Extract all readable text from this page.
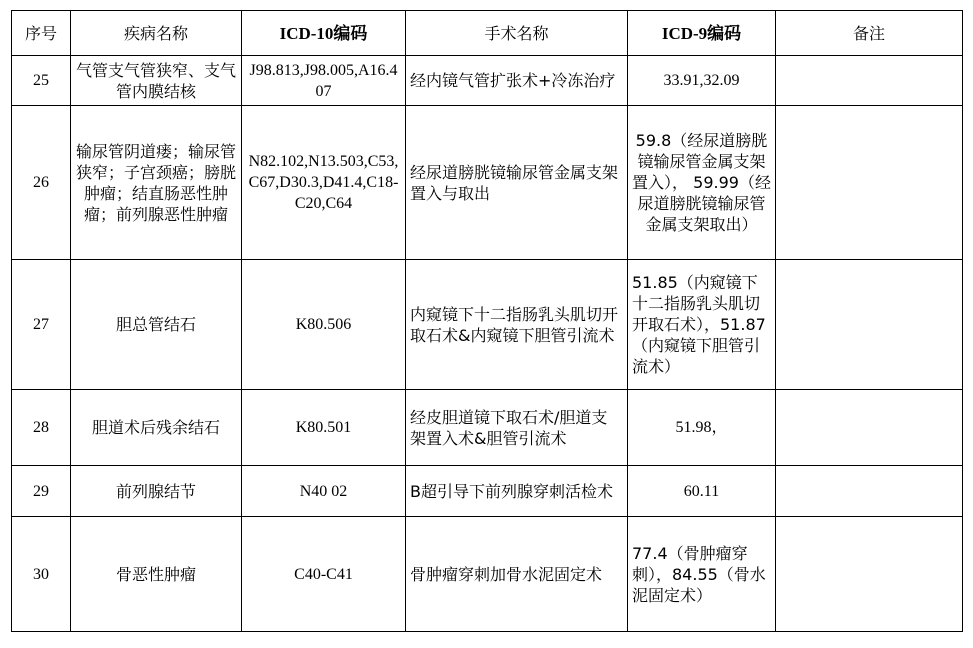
序号	疾病名称	ICD-10编码	手术名称	ICD-9编码	备注
25	气管支气管狭窄、支气管内膜结核	J98.813,J98.005,A16.407	经内镜气管扩张术+冷冻治疗	33.91,32.09	
26	输尿管阴道瘘；输尿管狭窄；子宫颈癌；膀胱肿瘤；结直肠恶性肿瘤；前列腺恶性肿瘤	N82.102,N13.503,C53,C67,D30.3,D41.4,C18-C20,C64	经尿道膀胱镜输尿管金属支架置入与取出	59.8（经尿道膀胱镜输尿管金属支架置入）， 59.99（经尿道膀胱镜输尿管金属支架取出）	
27	胆总管结石	K80.506	内窥镜下十二指肠乳头肌切开取石术&内窥镜下胆管引流术	51.85（内窥镜下十二指肠乳头肌切开取石术），51.87（内窥镜下胆管引流术）	
28	胆道术后残余结石	K80.501	经皮胆道镜下取石术/胆道支架置入术&胆管引流术	51.98，	
29	前列腺结节	N40 02	B超引导下前列腺穿刺活检术	60.11	
30	骨恶性肿瘤	C40-C41	骨肿瘤穿刺加骨水泥固定术	77.4（骨肿瘤穿刺），84.55（骨水泥固定术）	
